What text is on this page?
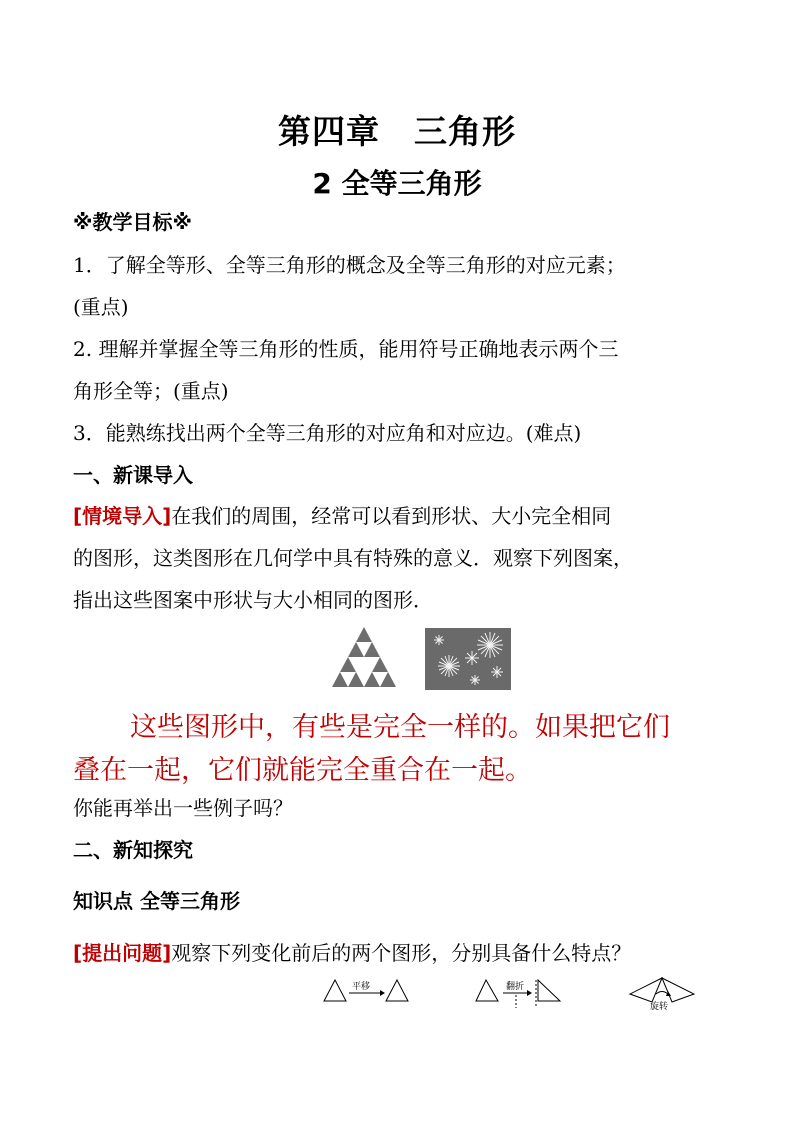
第四章　三角形
2 全等三角形
※教学目标※
1．了解全等形、全等三角形的概念及全等三角形的对应元素；
(重点)
2. 理解并掌握全等三角形的性质，能用符号正确地表示两个三
角形全等；(重点)
3．能熟练找出两个全等三角形的对应角和对应边。(难点)
一、新课导入
[情境导入]在我们的周围，经常可以看到形状、大小完全相同
的图形，这类图形在几何学中具有特殊的意义．观察下列图案，
指出这些图案中形状与大小相同的图形．
这些图形中，有些是完全一样的。如果把它们
叠在一起，它们就能完全重合在一起。
你能再举出一些例子吗？
二、新知探究
知识点 全等三角形
[提出问题]观察下列变化前后的两个图形，分别具备什么特点？
平移	翻折
旋转
